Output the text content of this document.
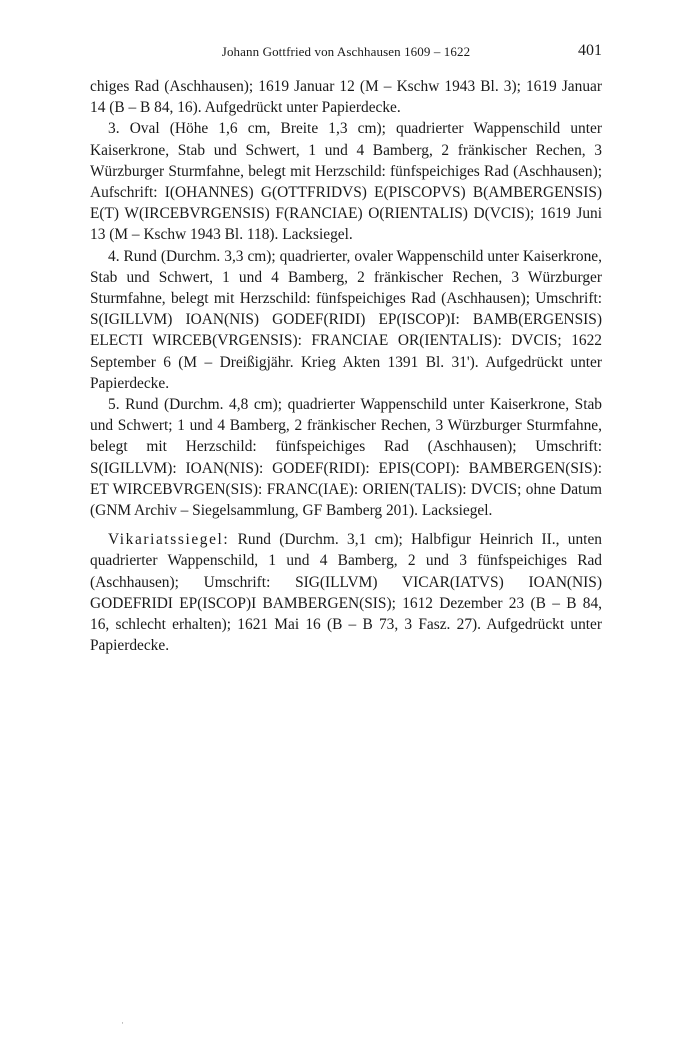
Johann Gottfried von Aschhausen 1609 – 1622	401

chiges Rad (Aschhausen); 1619 Januar 12 (M – Kschw 1943 Bl. 3); 1619 Januar 14 (B – B 84, 16). Aufgedrückt unter Papierdecke.

3. Oval (Höhe 1,6 cm, Breite 1,3 cm); quadrierter Wappenschild unter Kaiserkrone, Stab und Schwert, 1 und 4 Bamberg, 2 fränkischer Rechen, 3 Würzburger Sturmfahne, belegt mit Herzschild: fünfspeichiges Rad (Aschhausen); Aufschrift: I(OHANNES) G(OTTFRIDVS) E(PISCOPVS) B(AMBERGENSIS) E(T) W(IRCEBVRGENSIS) F(RANCIAE) O(RIENTALIS) D(VCIS); 1619 Juni 13 (M – Kschw 1943 Bl. 118). Lacksiegel.

4. Rund (Durchm. 3,3 cm); quadrierter, ovaler Wappenschild unter Kaiserkrone, Stab und Schwert, 1 und 4 Bamberg, 2 fränkischer Rechen, 3 Würzburger Sturmfahne, belegt mit Herzschild: fünfspeichiges Rad (Aschhausen); Umschrift: S(IGILLVM) IOAN(NIS) GODEF(RIDI) EP(ISCOP)I: BAMB(ERGENSIS) ELECTI WIRCEB(VRGENSIS): FRANCIAE OR(IENTALIS): DVCIS; 1622 September 6 (M – Dreißigjähr. Krieg Akten 1391 Bl. 31'). Aufgedrückt unter Papierdecke.

5. Rund (Durchm. 4,8 cm); quadrierter Wappenschild unter Kaiserkrone, Stab und Schwert; 1 und 4 Bamberg, 2 fränkischer Rechen, 3 Würzburger Sturmfahne, belegt mit Herzschild: fünfspeichiges Rad (Aschhausen); Umschrift: S(IGILLVM): IOAN(NIS): GODEF(RIDI): EPIS(COPI): BAMBERGEN(SIS): ET WIRCEBVRGEN(SIS): FRANC(IAE): ORIEN(TALIS): DVCIS; ohne Datum (GNM Archiv – Siegelsammlung, GF Bamberg 201). Lacksiegel.

Vikariatssiegel: Rund (Durchm. 3,1 cm); Halbfigur Heinrich II., unten quadrierter Wappenschild, 1 und 4 Bamberg, 2 und 3 fünfspeichiges Rad (Aschhausen); Umschrift: SIG(ILLVM) VICAR(IATVS) IOAN(NIS) GODEFRIDI EP(ISCOP)I BAMBERGEN(SIS); 1612 Dezember 23 (B – B 84, 16, schlecht erhalten); 1621 Mai 16 (B – B 73, 3 Fasz. 27). Aufgedrückt unter Papierdecke.

·
